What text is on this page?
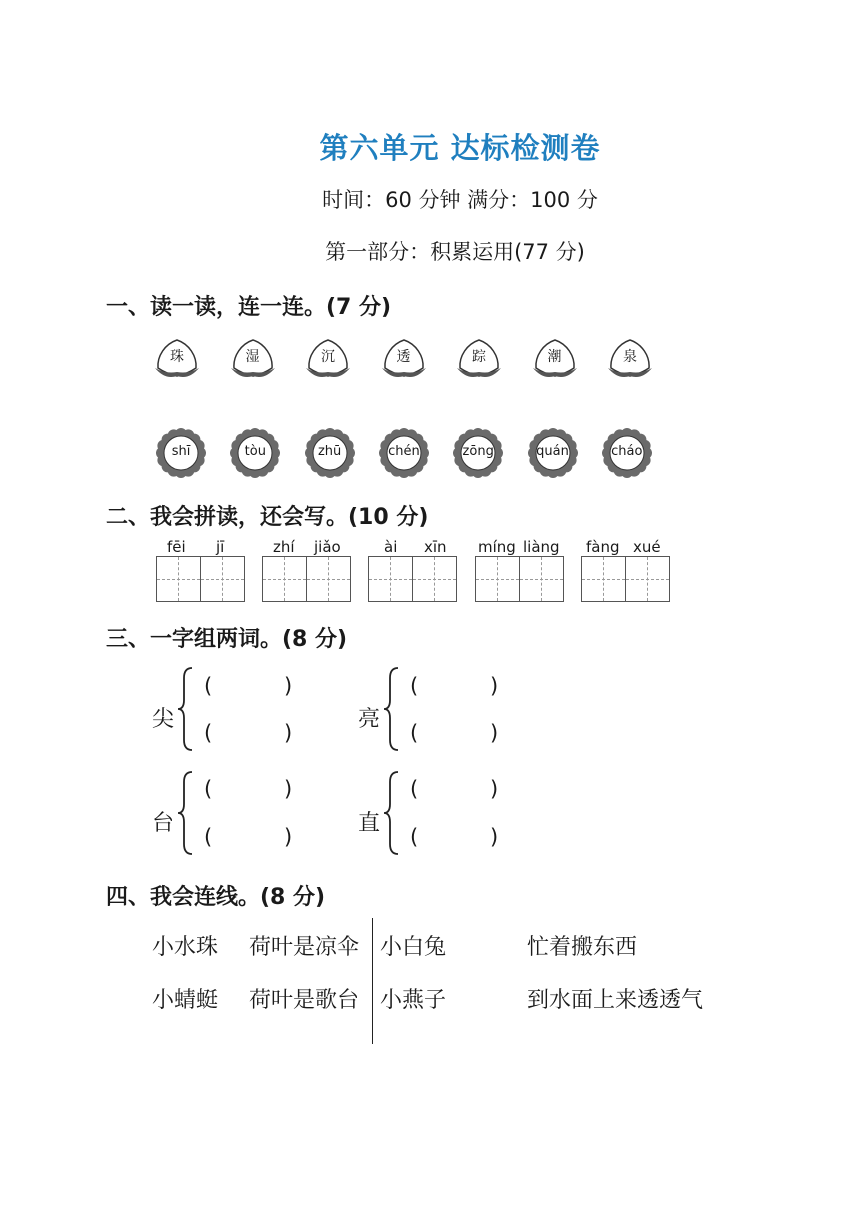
第六单元 达标检测卷
时间：60 分钟 满分：100 分
第一部分：积累运用(77 分)
一、读一读，连一连。(7 分)
珠	湿	沉	透	踪	潮	泉
shī	tòu	zhū	chén	zōng	quán	cháo
二、我会拼读，还会写。(10 分)
fēi jī	zhí jiǎo	ài xīn míng liàng fàng xué
三、一字组两词。(8 分)
尖
(	)
(	)
亮
(	)
(	)
台
(	)
(	)
直
(	)
(	)
四、我会连线。(8 分)
小水珠 荷叶是凉伞 小白兔	忙着搬东西
小蜻蜓 荷叶是歌台 小燕子	到水面上来透透气
